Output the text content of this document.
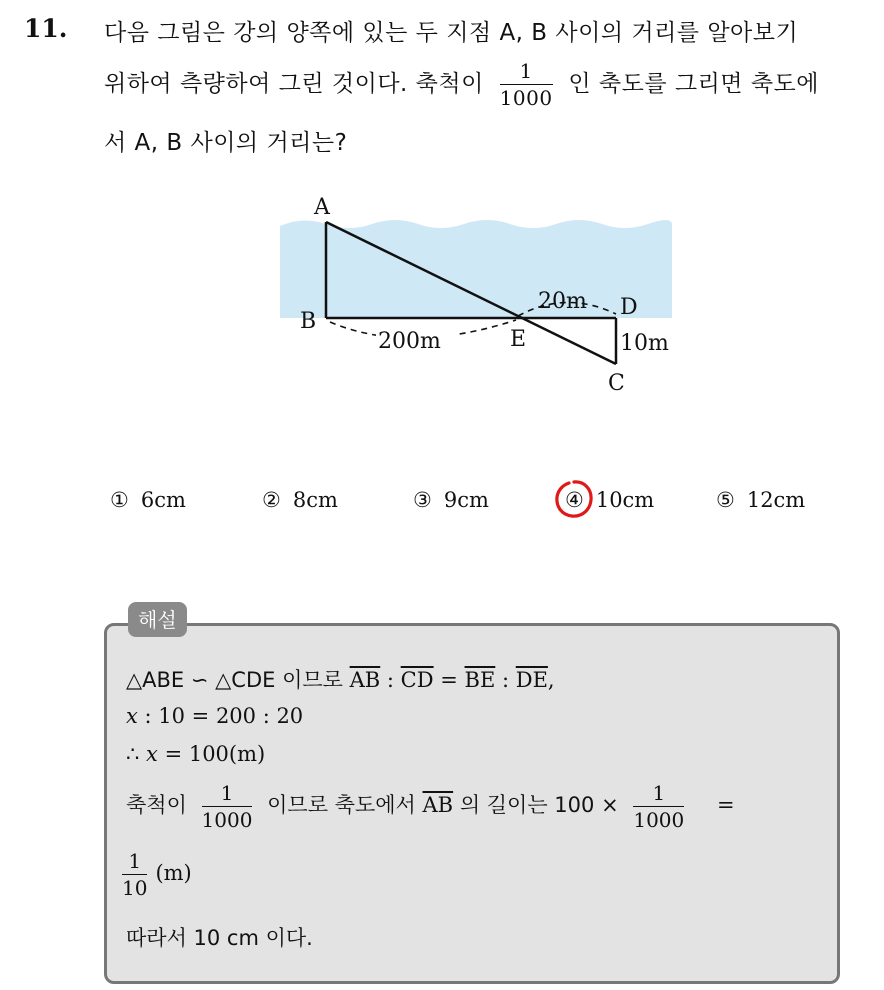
11. 다음 그림은 강의 양쪽에 있는 두 지점 A, B 사이의 거리를 알아보기
위하여 측량하여 그린 것이다. 축척이 $\frac{1}{1000}$ 인 축도를 그리면 축도에
서 A, B 사이의 거리는?
A
B
E
D
C
200m
20m
10m
① 6cm	② 8cm	③ 9cm	④ 10cm	⑤ 12cm
해설
△ABE ∽ △CDE 이므로 $\overline{AB}$ : $\overline{CD} = \overline{BE}$ : $\overline{DE}$,
x : 10 = 200 : 20
∴ x = 100(m)
축척이 $\frac{1}{1000}$ 이므로 축도에서 $\overline{AB}$ 의 길이는 $100 \times \frac{1}{1000}$ =
$\frac{1}{10} (m)$
따라서 10 cm 이다.
